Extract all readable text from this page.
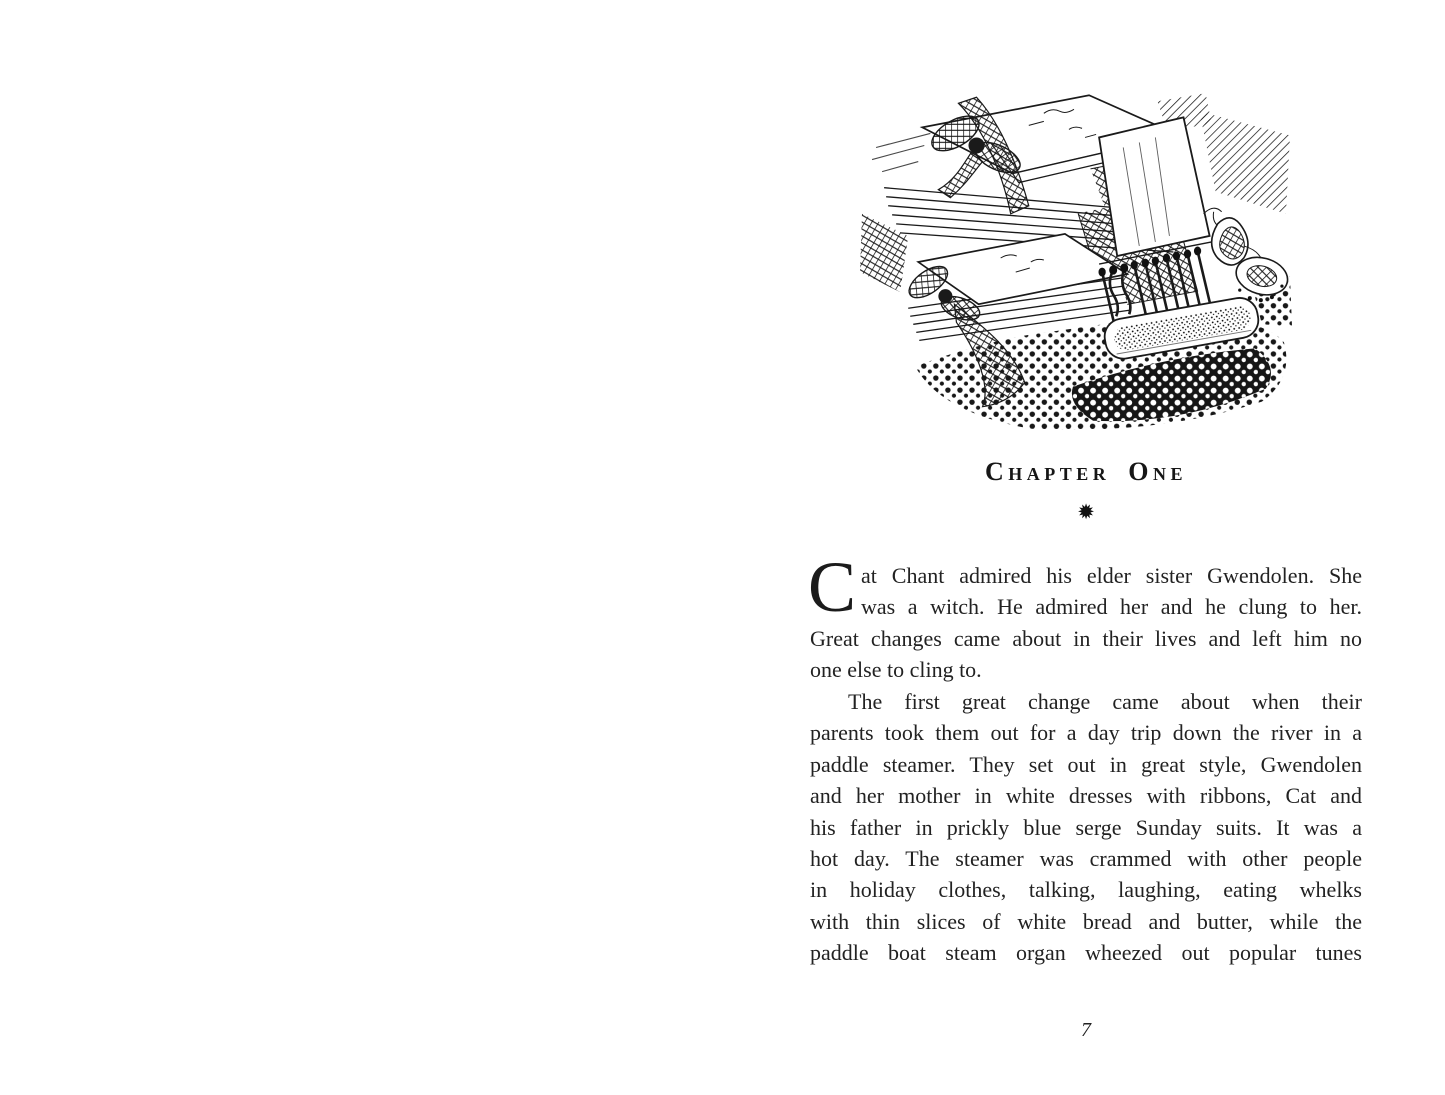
Chapter One
✹
C at Chant admired his elder sister Gwendolen. She
was a witch. He admired her and he clung to her.
Great changes came about in their lives and left him no
one else to cling to.
The first great change came about when their
parents took them out for a day trip down the river in a
paddle steamer. They set out in great style, Gwendolen
and her mother in white dresses with ribbons, Cat and
his father in prickly blue serge Sunday suits. It was a
hot day. The steamer was crammed with other people
in holiday clothes, talking, laughing, eating whelks
with thin slices of white bread and butter, while the
paddle boat steam organ wheezed out popular tunes
7
